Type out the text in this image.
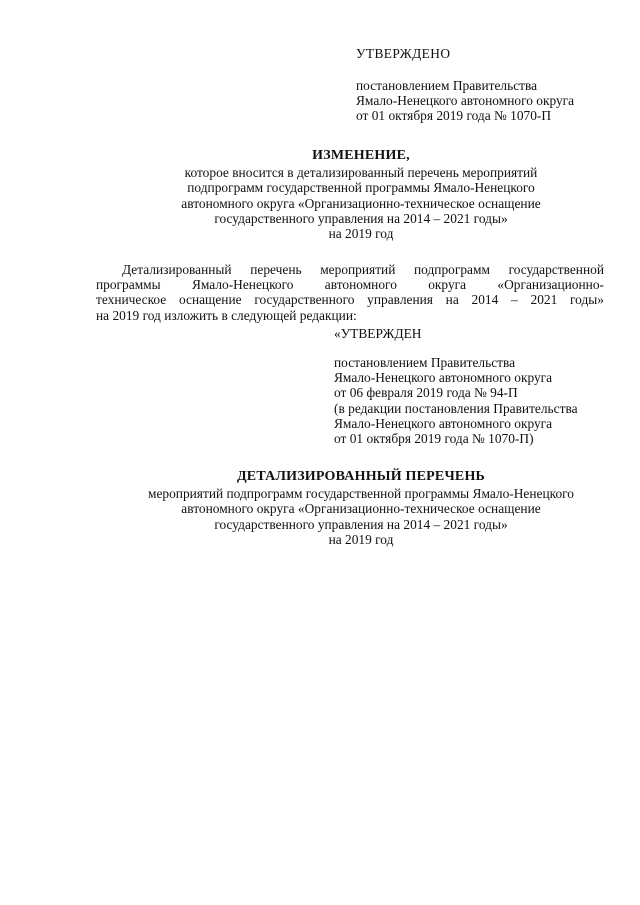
УТВЕРЖДЕНО
постановлением Правительства
Ямало-Ненецкого автономного округа
от 01 октября 2019 года № 1070-П
ИЗМЕНЕНИЕ,
которое вносится в детализированный перечень мероприятий
подпрограмм государственной программы Ямало-Ненецкого
автономного округа «Организационно-техническое оснащение
государственного управления на 2014 – 2021 годы»
на 2019 год
Детализированный перечень мероприятий подпрограмм государственной
программы Ямало-Ненецкого автономного округа «Организационно-
техническое оснащение государственного управления на 2014 – 2021 годы»
на 2019 год изложить в следующей редакции:
«УТВЕРЖДЕН
постановлением Правительства
Ямало-Ненецкого автономного округа
от 06 февраля 2019 года № 94-П
(в редакции постановления Правительства
Ямало-Ненецкого автономного округа
от 01 октября 2019 года № 1070-П)
ДЕТАЛИЗИРОВАННЫЙ ПЕРЕЧЕНЬ
мероприятий подпрограмм государственной программы Ямало-Ненецкого
автономного округа «Организационно-техническое оснащение
государственного управления на 2014 – 2021 годы»
на 2019 год
